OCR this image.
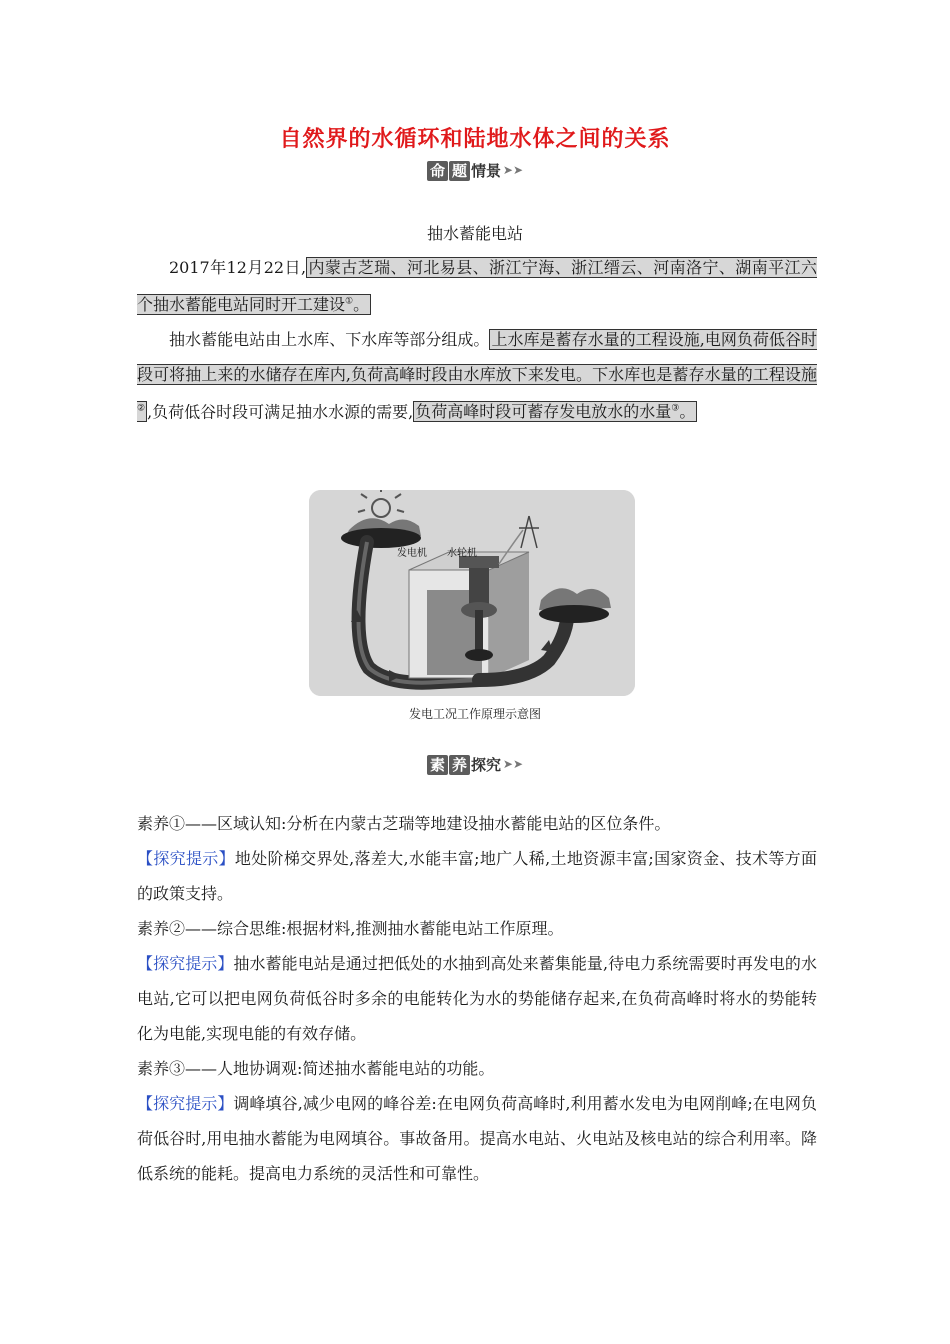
自然界的水循环和陆地水体之间的关系
命 题 情景 ➤➤
抽水蓄能电站
2017年12月22日, 内蒙古芝瑞、河北易县、浙江宁海、浙江缙云、河南洛宁、湖南平江六个抽水蓄能电站同时开工建设①。
抽水蓄能电站由上水库、下水库等部分组成。 上水库是蓄存水量的工程设施,电网负荷低谷时段可将抽上来的水储存在库内,负荷高峰时段由水库放下来发电。下水库也是蓄存水量的工程设施② ,负荷低谷时段可满足抽水水源的需要, 负荷高峰时段可蓄存发电放水的水量③。
发电机 水轮机
发电工况工作原理示意图
素 养 探究 ➤➤
素养①——区域认知:分析在内蒙古芝瑞等地建设抽水蓄能电站的区位条件。
【探究提示】地处阶梯交界处,落差大,水能丰富;地广人稀,土地资源丰富;国家资金、技术等方面的政策支持。
素养②——综合思维:根据材料,推测抽水蓄能电站工作原理。
【探究提示】抽水蓄能电站是通过把低处的水抽到高处来蓄集能量,待电力系统需要时再发电的水电站,它可以把电网负荷低谷时多余的电能转化为水的势能储存起来,在负荷高峰时将水的势能转化为电能,实现电能的有效存储。
素养③——人地协调观:简述抽水蓄能电站的功能。
【探究提示】调峰填谷,减少电网的峰谷差:在电网负荷高峰时,利用蓄水发电为电网削峰;在电网负荷低谷时,用电抽水蓄能为电网填谷。事故备用。提高水电站、火电站及核电站的综合利用率。降低系统的能耗。提高电力系统的灵活性和可靠性。
